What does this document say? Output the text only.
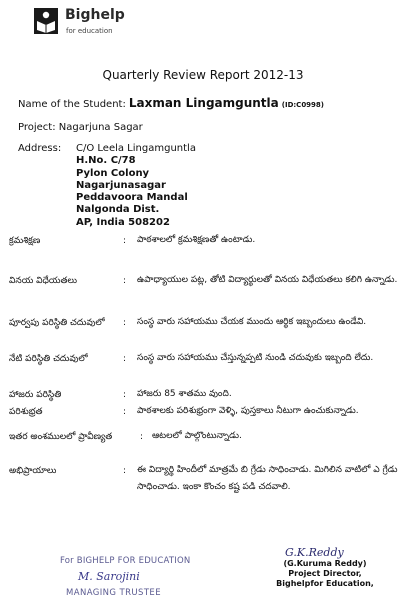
Bighelp
for education
Quarterly Review Report 2012-13
Name of the Student: Laxman Lingamguntla (ID:C0998)
Project: Nagarjuna Sagar
Address: C/O Leela Lingamguntla
H.No. C/78
Pylon Colony
Nagarjunasagar
Peddavoora Mandal
Nalgonda Dist.
AP, India 508202
క్రమశిక్షణ	: పాఠశాలలో క్రమశిక్షణతో ఉంటాడు.
వినయ విధేయతలు	: ఉపాధ్యాయుల పట్ల, తోటి విద్యార్థులతో వినయ విధేయతలు కలిగి ఉన్నాడు.
పూర్వపు పరిస్థితి చదువులో : సంస్థ వారు సహాయము చేయక ముందు ఆర్థిక ఇబ్బందులు ఉండేవి.
నేటి పరిస్థితి చదువులో	: సంస్థ వారు సహాయము చేస్తున్నప్పటి నుండి చదువుకు ఇబ్బంది లేదు.
హాజరు పరిస్థితి	: హాజరు 85 శాతము వుంది.
పరిశుభ్రత	: పాఠశాలకు పరిశుభ్రంగా వెళ్ళి, పుస్తకాలు నీటుగా ఉంచుకున్నాడు.
ఇతర అంశములలో ప్రావీణ్యత	: ఆటలలో పాల్గొంటున్నాడు.
అభిప్రాయాలు	: ఈ విద్యార్థి హిందీలో మాత్రమే బి గ్రేడు సాధించాడు. మిగిలిన వాటిలో ఎ గ్రేడు సాధించాడు. ఇంకా కొంచం కష్ట పడి చదవాలి.
For BIGHELP FOR EDUCATION
M. Sarojini
MANAGING TRUSTEE
G.K.Reddy
(G.Kuruma Reddy)
Project Director,
Bighelpfor Education,
